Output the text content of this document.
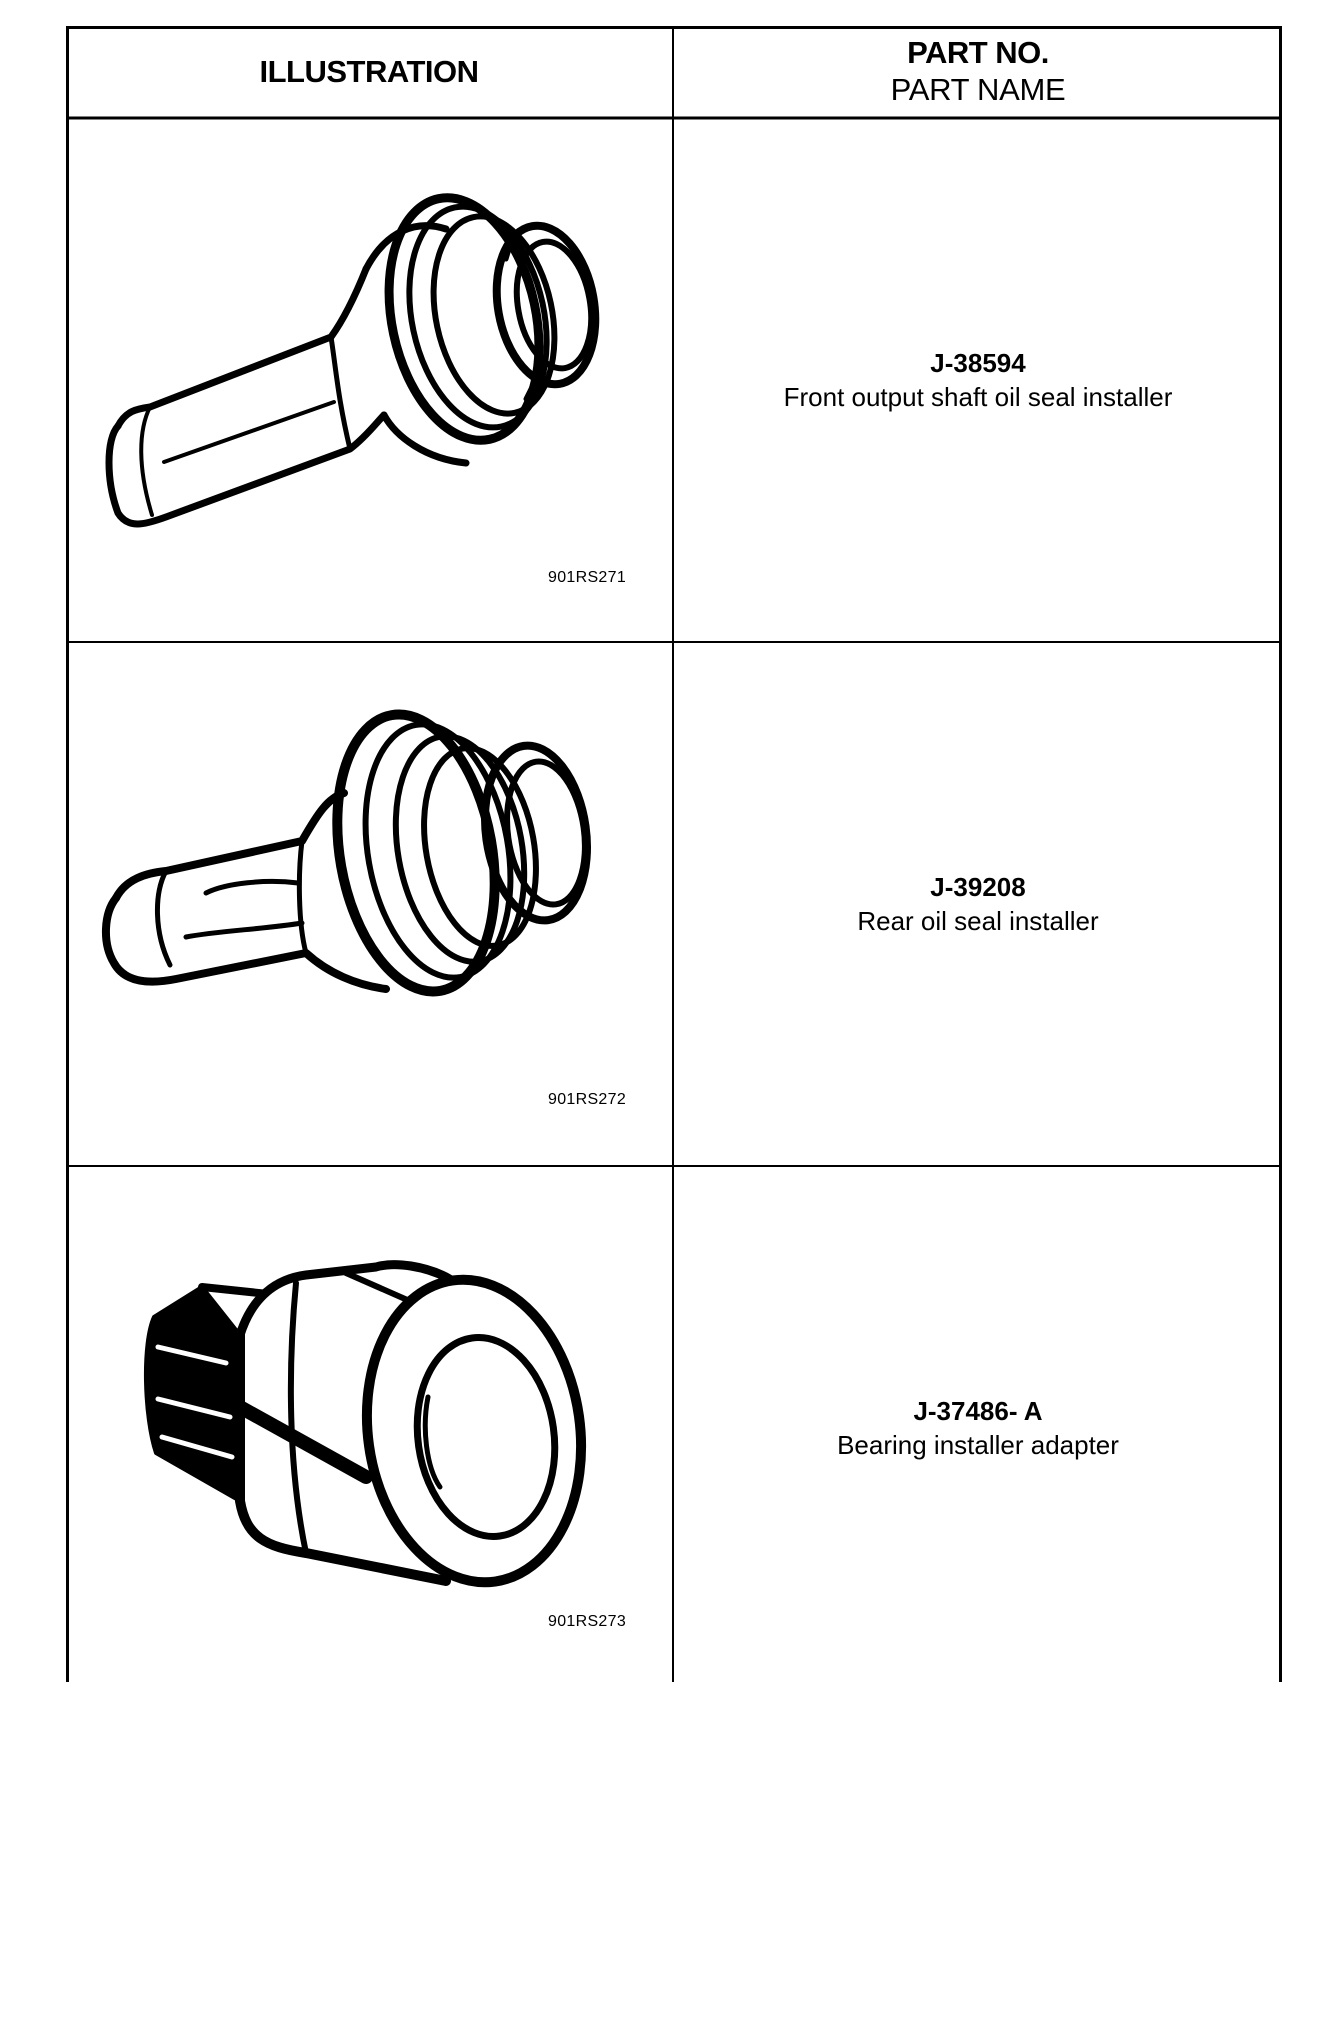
ILLUSTRATION
PART NO.
PART NAME
901RS271
J-38594
Front output shaft oil seal installer
901RS272
J-39208
Rear oil seal installer
901RS273
J-37486- A
Bearing installer adapter
